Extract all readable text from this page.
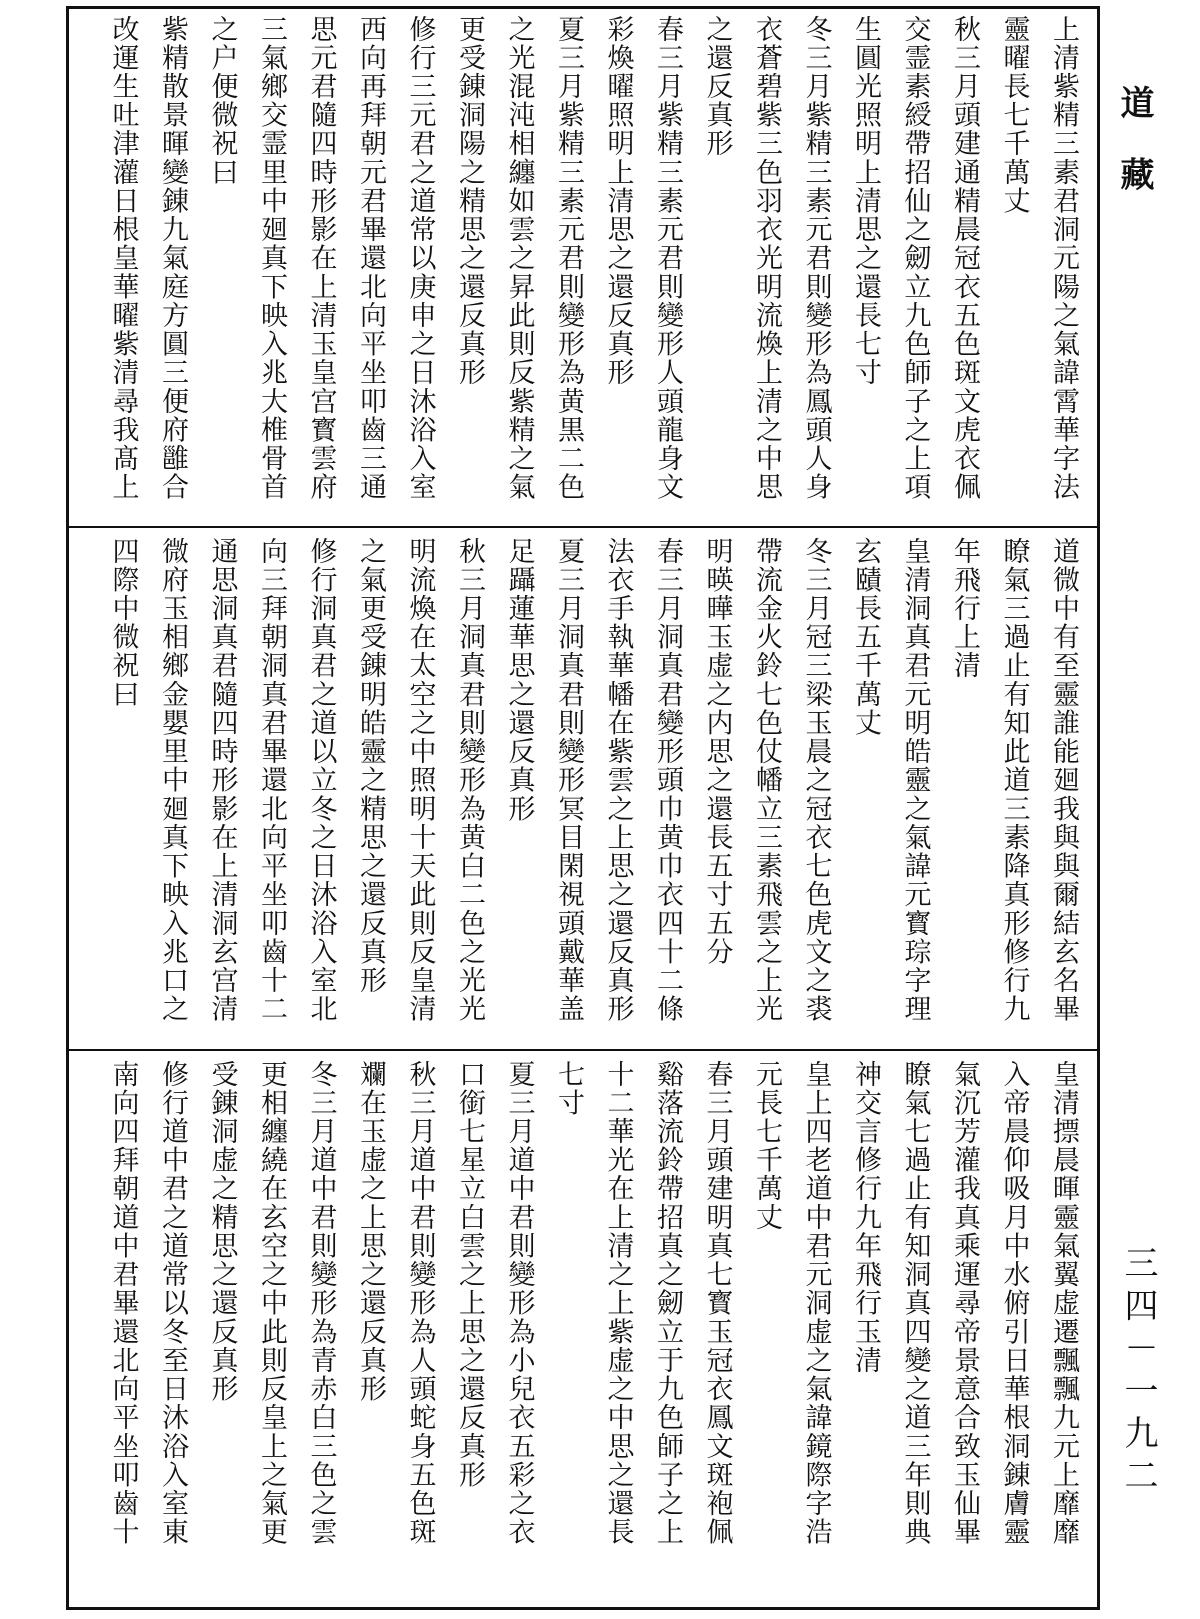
上清紫精三素君洞元陽之氣諱霄華字法
靈曜長七千萬丈
秋三月頭建通精晨冠衣五色斑文虎衣佩
交霊素綬帶招仙之劒立九色師子之上項
生圓光照明上清思之還長七寸
冬三月紫精三素元君則變形為鳳頭人身
衣蒼碧紫三色羽衣光明流煥上清之中思
之還反真形
春三月紫精三素元君則變形人頭龍身文
彩煥曜照明上清思之還反真形
夏三月紫精三素元君則變形為黄黒二色
之光混沌相纏如雲之昇此則反紫精之氣
更受錬洞陽之精思之還反真形
修行三元君之道常以庚申之日沐浴入室
西向再拜朝元君畢還北向平坐叩齒三通
思元君隨四時形影在上清玉皇宫寳雲府
三氣鄉交霊里中廻真下映入兆大椎骨首
之户便微祝曰
紫精散景暉變錬九氣庭方圓三便府雝合
改運生吐津灌日根皇華曜紫清尋我髙上
道微中有至靈誰能廻我與與爾結玄名畢
瞭氣三過止有知此道三素降真形修行九
年飛行上清
皇清洞真君元明皓靈之氣諱元寳琮字理
玄賾長五千萬丈
冬三月冠三梁玉晨之冠衣七色虎文之裘
帶流金火鈴七色仗幡立三素飛雲之上光
明暎曄玉虚之内思之還長五寸五分
春三月洞真君變形頭巾黄巾衣四十二條
法衣手執華幡在紫雲之上思之還反真形
夏三月洞真君則變形冥目閑視頭戴華盖
足躡蓮華思之還反真形
秋三月洞真君則變形為黄白二色之光光
明流煥在太空之中照明十天此則反皇清
之氣更受錬明皓靈之精思之還反真形
修行洞真君之道以立冬之日沐浴入室北
向三拜朝洞真君畢還北向平坐叩齒十二
通思洞真君隨四時形影在上清洞玄宫清
微府玉相鄉金嬰里中廻真下映入兆口之
四際中微祝曰
皇清摽晨暉靈氣翼虚遷飄飄九元上靡靡
入帝晨仰吸月中水俯引日華根洞錬膚靈
氣沉芳灌我真乘運尋帝景意合致玉仙畢
瞭氣七過止有知洞真四變之道三年則典
神交言修行九年飛行玉清
皇上四老道中君元洞虚之氣諱鏡際字浩
元長七千萬丈
春三月頭建明真七寳玉冠衣鳳文斑袍佩
谿落流鈴帶招真之劒立于九色師子之上
十二華光在上清之上紫虚之中思之還長
七寸
夏三月道中君則變形為小兒衣五彩之衣
口銜七星立白雲之上思之還反真形
秋三月道中君則變形為人頭蛇身五色斑
斕在玉虚之上思之還反真形
冬三月道中君則變形為青赤白三色之雲
更相纏繞在玄空之中此則反皇上之氣更
受錬洞虚之精思之還反真形
修行道中君之道常以冬至日沐浴入室東
南向四拜朝道中君畢還北向平坐叩齒十
道藏
三四－一九二
